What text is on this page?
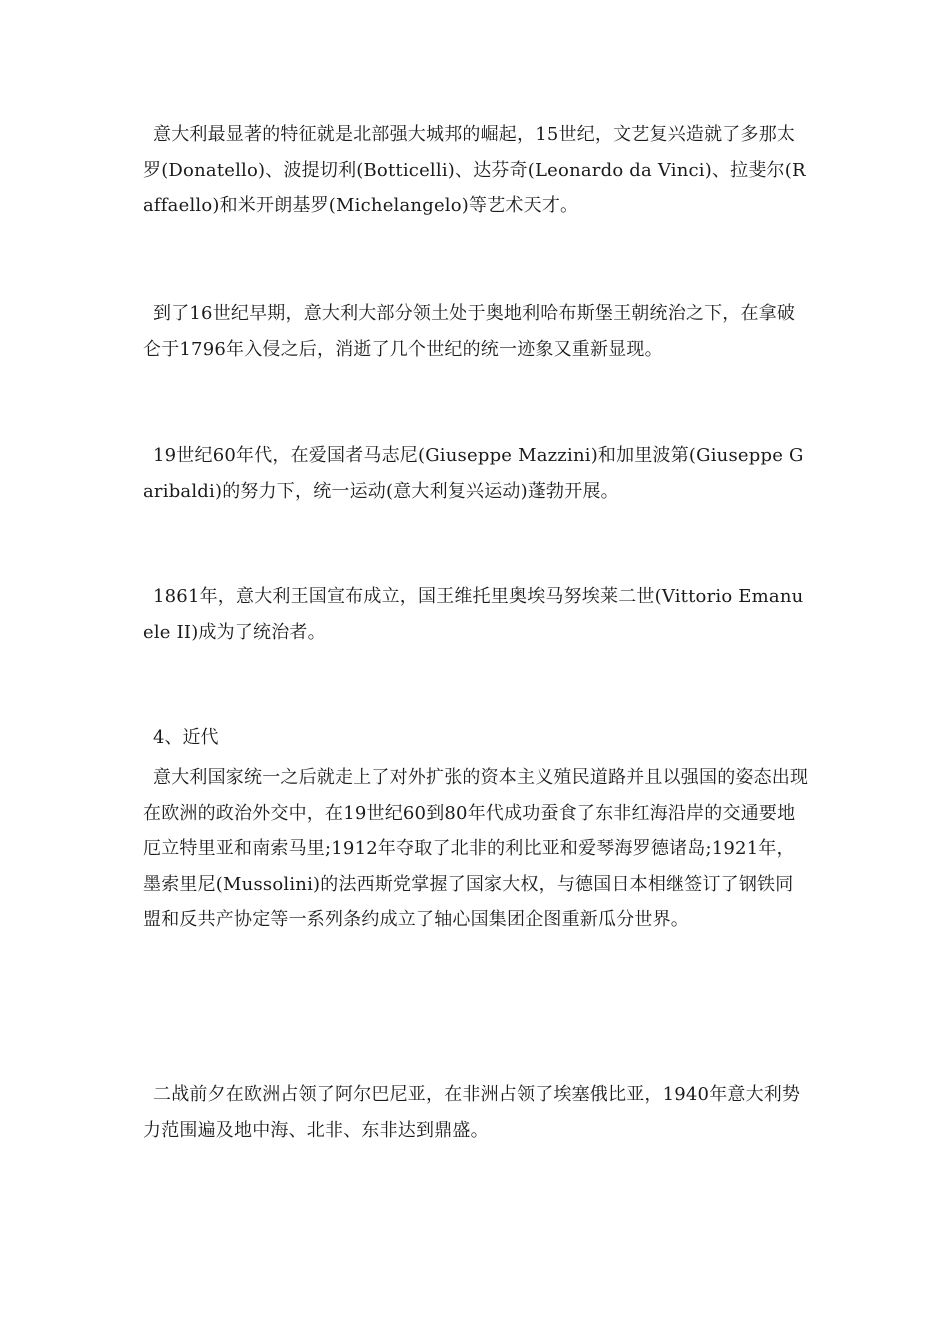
意大利最显著的特征就是北部强大城邦的崛起，15世纪，文艺复兴造就了多那太罗(Donatello)、波提切利(Botticelli)、达芬奇(Leonardo da Vinci)、拉斐尔(Raffaello)和米开朗基罗(Michelangelo)等艺术天才。

到了16世纪早期，意大利大部分领土处于奥地利哈布斯堡王朝统治之下，在拿破仑于1796年入侵之后，消逝了几个世纪的统一迹象又重新显现。

19世纪60年代，在爱国者马志尼(Giuseppe Mazzini)和加里波第(Giuseppe Garibaldi)的努力下，统一运动(意大利复兴运动)蓬勃开展。

1861年，意大利王国宣布成立，国王维托里奥埃马努埃莱二世(Vittorio Emanuele II)成为了统治者。

4、近代

意大利国家统一之后就走上了对外扩张的资本主义殖民道路并且以强国的姿态出现在欧洲的政治外交中，在19世纪60到80年代成功蚕食了东非红海沿岸的交通要地厄立特里亚和南索马里;1912年夺取了北非的利比亚和爱琴海罗德诸岛;1921年，墨索里尼(Mussolini)的法西斯党掌握了国家大权，与德国日本相继签订了钢铁同盟和反共产协定等一系列条约成立了轴心国集团企图重新瓜分世界。

二战前夕在欧洲占领了阿尔巴尼亚，在非洲占领了埃塞俄比亚，1940年意大利势力范围遍及地中海、北非、东非达到鼎盛。
